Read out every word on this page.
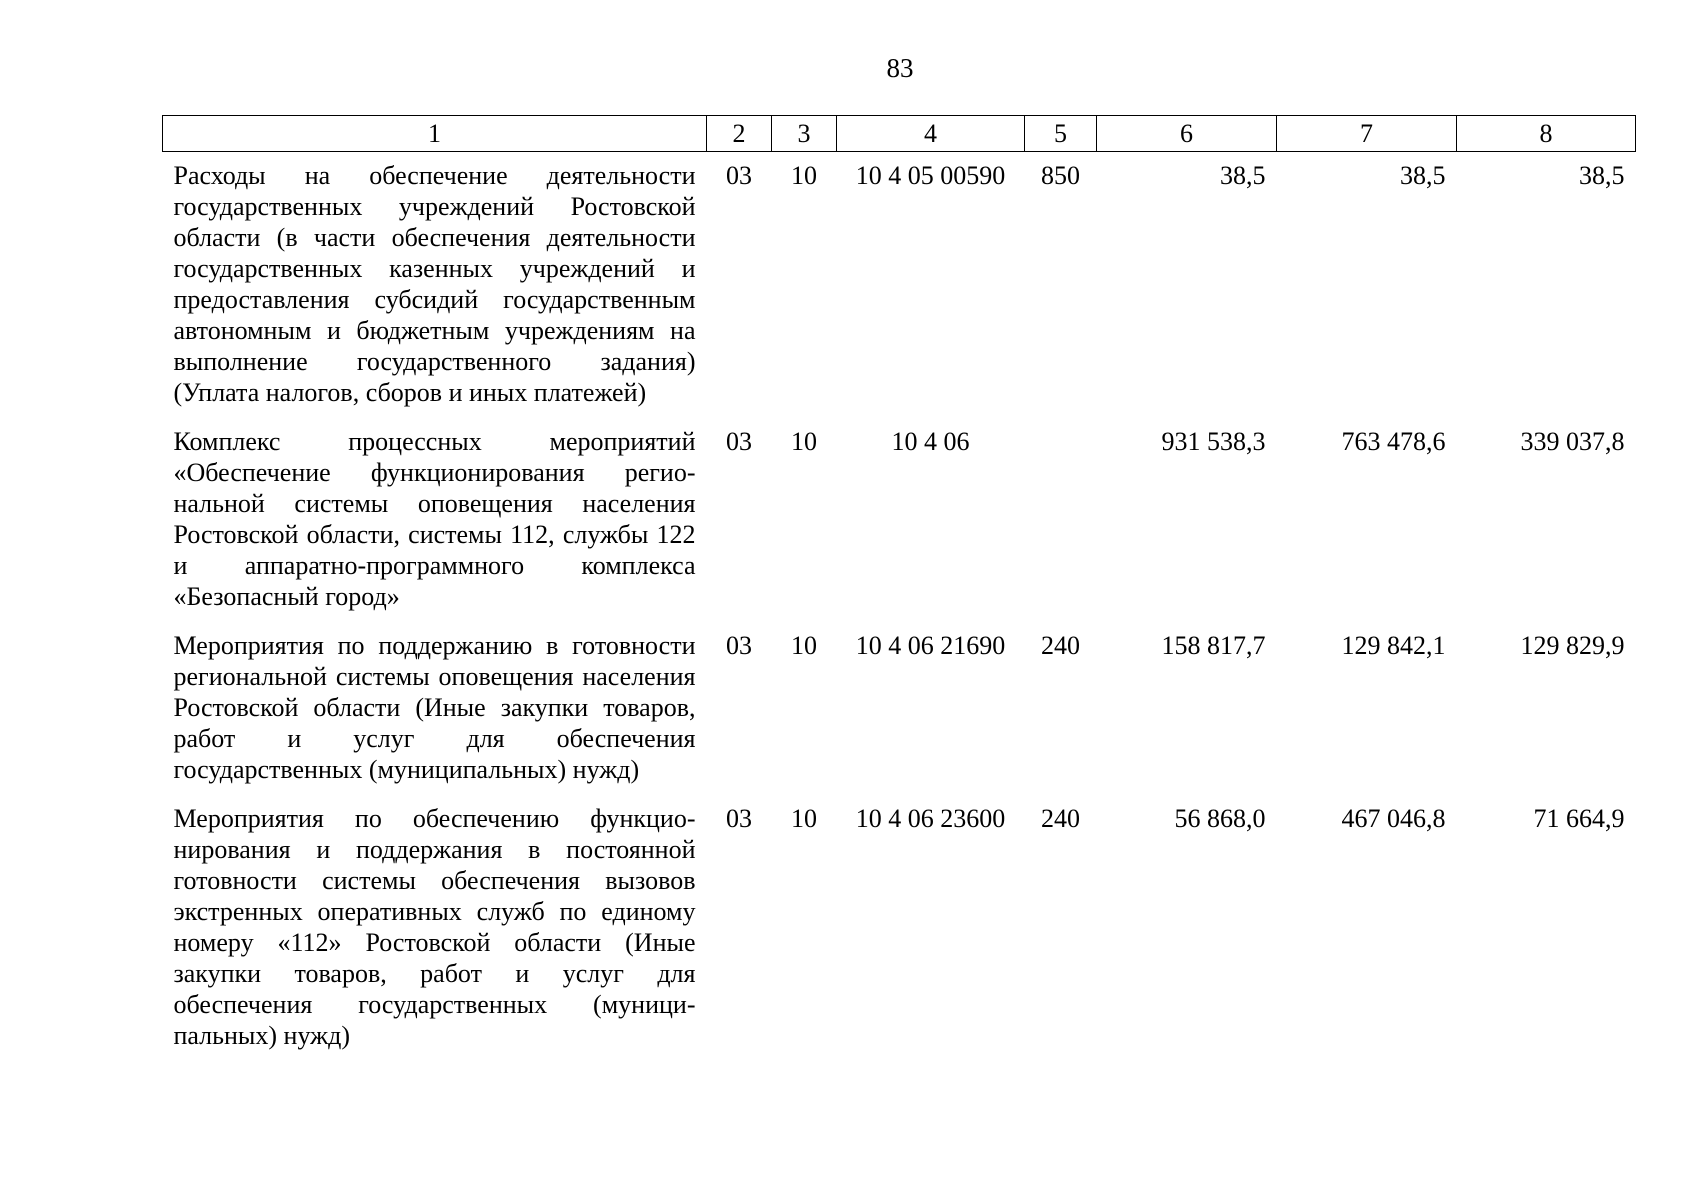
83
1	2	3	4	5	6	7	8
Расходы на обеспечение деятельности государственных учреждений Ростовской области (в части обеспечения деятельности государственных казенных учреждений и предоставления субсидий государственным автономным и бюджетным учреждениям на выполнение государственного задания) (Уплата налогов, сборов и иных платежей)	03	10	10 4 05 00590	850	38,5	38,5	38,5
Комплекс процессных мероприятий «Обеспечение функционирования региональной системы оповещения населения Ростовской области, системы 112, службы 122 и аппаратно-программного комплекса «Безопасный город»	03	10	10 4 06		931 538,3	763 478,6	339 037,8
Мероприятия по поддержанию в готовности региональной системы оповещения населения Ростовской области (Иные закупки товаров, работ и услуг для обеспечения государственных (муниципальных) нужд)	03	10	10 4 06 21690	240	158 817,7	129 842,1	129 829,9
Мероприятия по обеспечению функционирования и поддержания в постоянной готовности системы обеспечения вызовов экстренных оперативных служб по единому номеру «112» Ростовской области (Иные закупки товаров, работ и услуг для обеспечения государственных (муниципальных) нужд)	03	10	10 4 06 23600	240	56 868,0	467 046,8	71 664,9
